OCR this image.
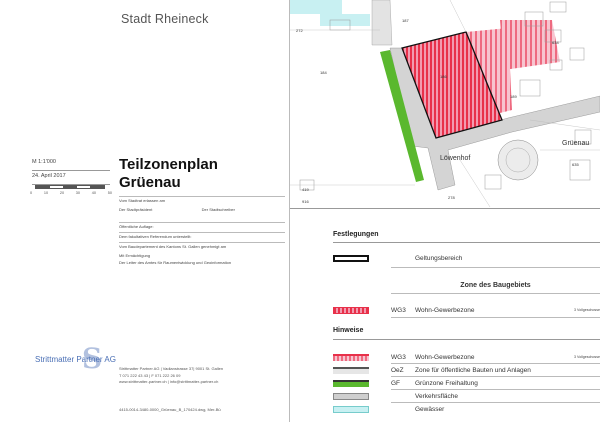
Stadt Rheineck
M 1:1'000
24. April 2017
0	10	20	30	40	50
Teilzonenplan
Grüenau
Vom Stadtrat erlassen am
Der Stadtpräsident	Der Stadtschreiber
Öffentliche Auflage:
Dem fakultativen Referendum unterstellt:
Vom Baudepartement des Kantons St. Gallen genehmigt am
Mit Ermächtigung
Der Leiter des Amtes für Raumentwicklung und Geoinformation
S
Strittmatter Partner AG
Strittmatter Partner AG | Vadianstrasse 37| 9001 St. Gallen
T 071 222 43 43 | F 071 222 26 09
www.strittmatter-partner.ch | info@strittmatter-partner.ch
4415-0014-3480-0000_Grüenau_B_170424.dwg, Mer-Bü
Löwenhof
Grüenau
186
184
189
187
272
635
634
419
916
278
Festlegungen
Geltungsbereich
Zone des Baugebiets
WG3	Wohn-Gewerbezone	3 Vollgeschosse
Hinweise
WG3	Wohn-Gewerbezone	3 Vollgeschosse
OeZ	Zone für öffentliche Bauten und Anlagen
GF	Grünzone Freihaltung
Verkehrsfläche
Gewässer
